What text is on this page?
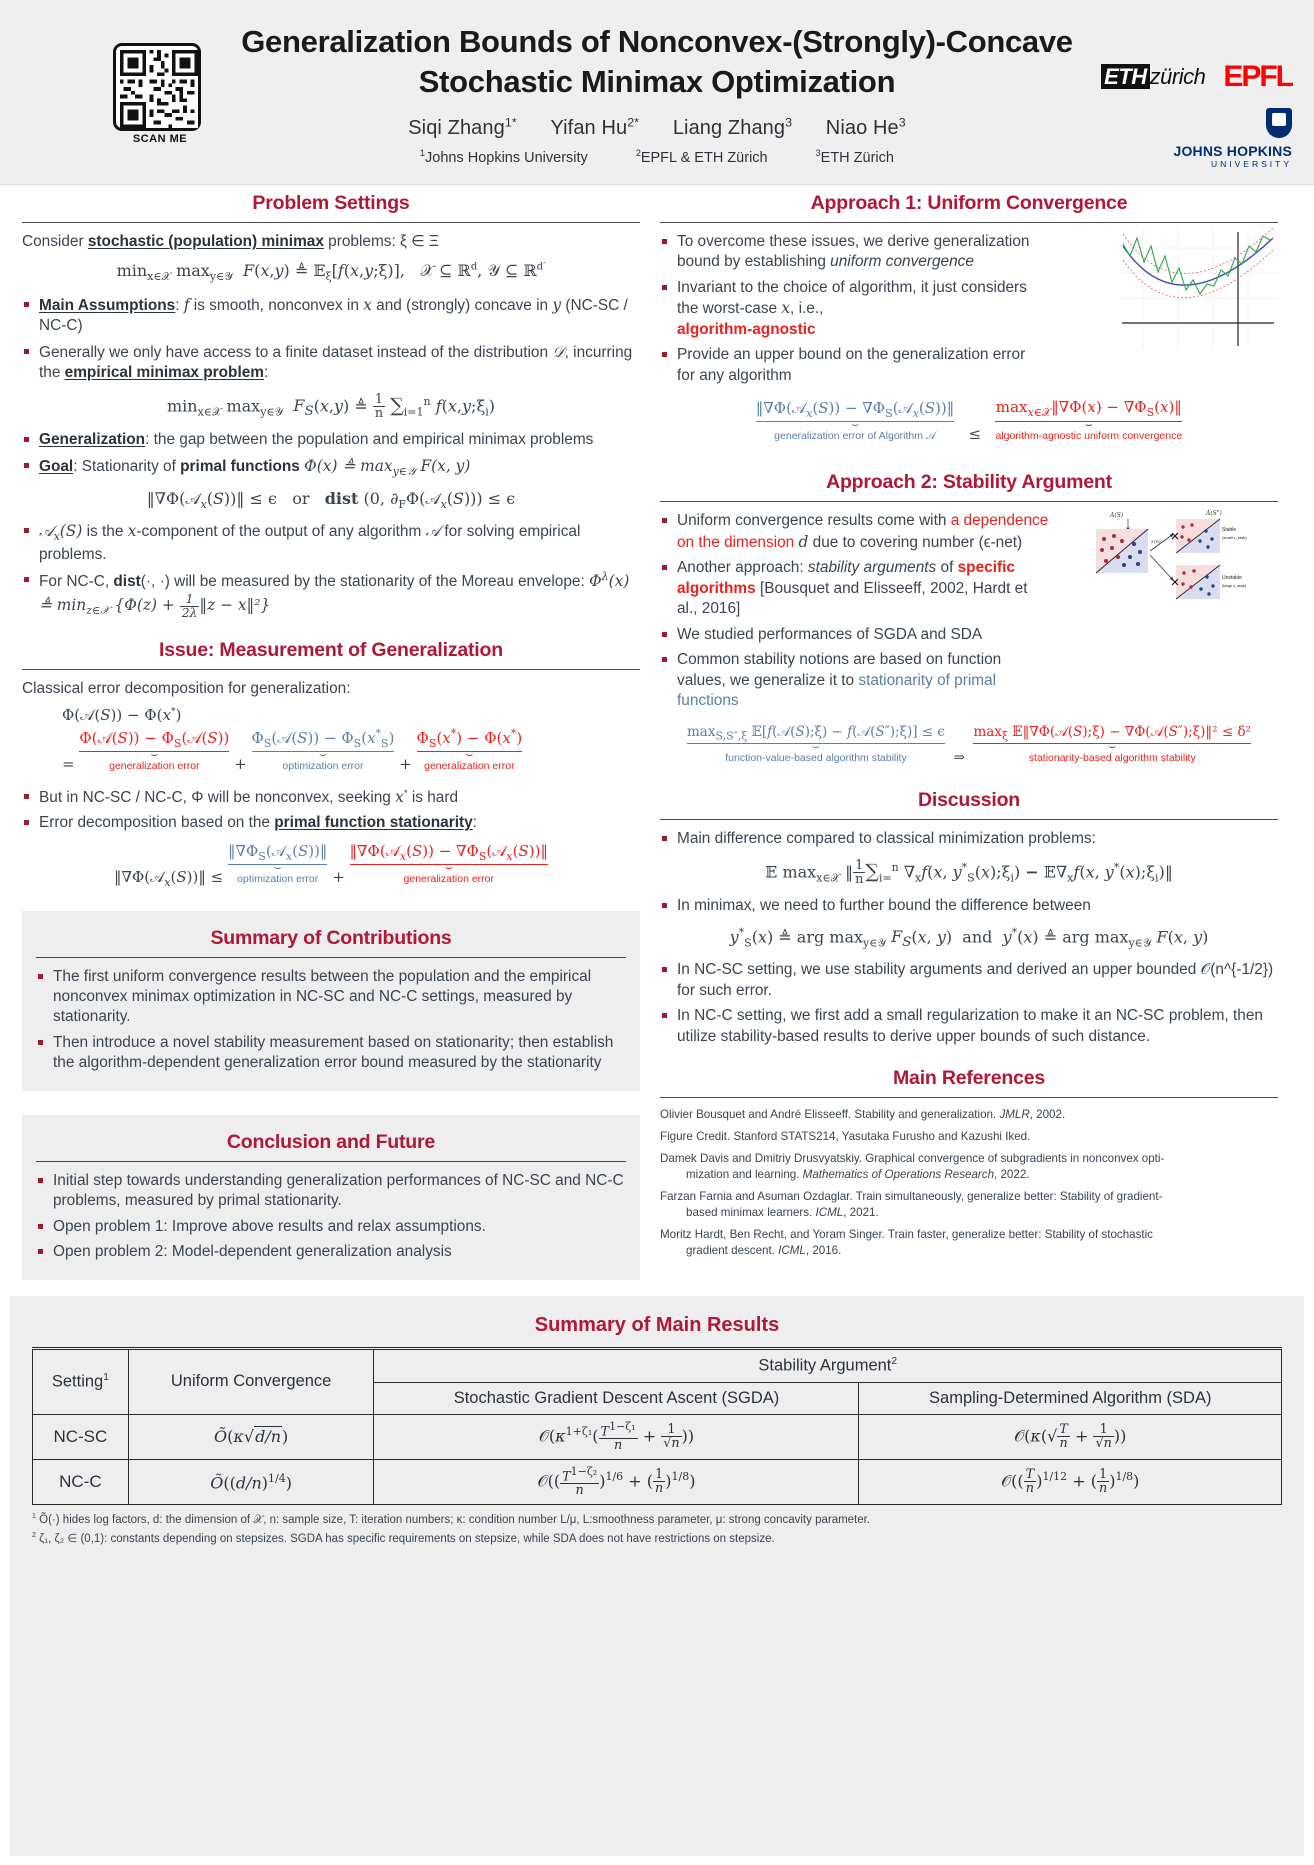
SCAN ME
Generalization Bounds of Nonconvex-(Strongly)-Concave
Stochastic Minimax Optimization
Siqi Zhang$^{1*}$ Yifan $Hu^{2*}$ Liang Zhang$^3$ Niao He$^3$
$^1$Johns Hopkins University	$^2$EPFL & ETH Zürich	$^3$ETH Zürich
ETH zürich EPFL
JOHNS HOPKINS
UNIVERSITY
Problem Settings

Consider stochastic (population) minimax problems: ξ ∈ Ξ

$\min_{x\in 𝒳} \max_{y\in 𝒴} F(x,y)$ ≜ 𝔼$_\xi$[f(x,y;ξ)],   𝒳 ⊆ ℝ$^d$, 𝒴 ⊆ ℝ$^{d'}$
Main Assumptions: f is smooth, nonconvex in x and (strongly) concave in y (NC-SC / NC-C)
Generally we only have access to a finite dataset instead of the distribution 𝒟, incurring the empirical minimax problem:
$\min_{x\in 𝒳} \max_{y\in 𝒴} F_S(x,y)$ ≜ $\frac{1}{n} \sum_{i=1}^n$ $f(x,y;\xi_i)$
Generalization: the gap between the population and empirical minimax problems
Goal: Stationarity of primal functions Φ(x) ≜ $\max_{y\in 𝒴} F(x$, y)
‖∇Φ(𝒜$_x$(S))‖ ≤ ϵ   or   dist (0, $\partial_F\Phi(𝒜_x(S))) \le \epsilon$
𝒜$_x$(S) is the x-component of the output of any algorithm 𝒜 for solving empirical problems.
For NC-C, dist(·, ·) will be measured by the stationarity of the Moreau envelope: $\Phi^\lambda(x)$ ≜ $\min_{z\in 𝒳} \{\Phi(z) + \frac{1}{2\lambda}$ ‖z − x‖²}
Issue: Measurement of Generalization

Classical error decomposition for generalization:

Φ(𝒜(S)) − Φ(x*)
=
Φ(𝒜(S)) − $\Phi_S(𝒜(S))$
⌣
generalization error	+
$\Phi_S(𝒜(S)) - \Phi_S(x^*_S)$
⌣
optimization error	+
$\Phi_S(x^*) - \Phi(x^*)$
⌣
generalization error
But in NC-SC / NC-C, Φ will be nonconvex, seeking x* is hard
Error decomposition based on the primal function stationarity:
‖∇Φ(𝒜$_x$(S))‖ ≤
$‖\nabla\Phi_S(𝒜_x(S))‖$
⌣
optimization error +
‖∇Φ(𝒜$_x$(S)) − $\nabla\Phi_S(𝒜_x(S))‖$
⌣
generalization error
Summary of Contributions
The first uniform convergence results between the population and the empirical nonconvex minimax optimization in NC-SC and NC-C settings, measured by stationarity.
Then introduce a novel stability measurement based on stationarity; then establish the algorithm-dependent generalization error bound measured by the stationarity
Conclusion and Future
Initial step towards understanding generalization performances of NC-SC and NC-C problems, measured by primal stationarity.
Open problem 1: Improve above results and relax assumptions.
Open problem 2: Model-dependent generalization analysis
Approach 1: Uniform Convergence
To overcome these issues, we derive generalization bound by establishing uniform convergence
Invariant to the choice of algorithm, it just considers the worst-case x, i.e.,
algorithm-agnostic
Provide an upper bound on the generalization error for any algorithm
‖∇Φ(𝒜$_x$(S)) − $\nabla\Phi_S(𝒜_x(S))‖$
⌣
generalization error of Algorithm 𝒜	≤
$\max_{x\in 𝒳}‖\nabla\Phi(x)$ − $\nabla\Phi_S(x)‖$
⌣
algorithm-agnostic uniform convergence
Approach 2: Stability Argument
A(S)
z(n)
A(S")
Stable
(small ε_stab)
Unstable
(large ε_stab)
Uniform convergence results come with a dependence on the dimension d due to covering number (ϵ-net)
Another approach: stability arguments of specific algorithms [Bousquet and Elisseeff, 2002, Hardt et al., 2016]
We studied performances of SGDA and SDA
Common stability notions are based on function values, we generalize it to stationarity of primal functions
$\max_{S,S'',\xi}$ 𝔼[f(𝒜(S);ξ) − f(𝒜(S″);ξ)] ≤ ϵ
⌣
function-value-based algorithm stability	⇒
$\max_\xi$ 𝔼‖∇Φ(𝒜(S);ξ) − ∇Φ(𝒜(S″);ξ)‖² ≤ δ²
⌣
stationarity-based algorithm stability
Discussion
Main difference compared to classical minimization problems:
𝔼 $\max_{x\in 𝒳}$ ‖ $\frac{1}{n} \sum_{i=}^n$ $\nabla_xf(x$, $y^*_S(x);\xi_i$) − $𝔼\nabla_xf(x$, $y^*(x);\xi_i)‖$
In minimax, we need to further bound the difference between
$y^*_S(x)$ ≜ arg $\max_{y\in 𝒴} F_S(x$, y)  and  y*(x) ≜ arg $\max_{y\in 𝒴} F(x$, y)
In NC-SC setting, we use stability arguments and derived an upper bounded 𝒪(n^{-1/2}) for such error.
In NC-C setting, we first add a small regularization to make it an NC-SC problem, then utilize stability-based results to derive upper bounds of such distance.
Main References
Olivier Bousquet and André Elisseeff. Stability and generalization. JMLR, 2002.
Figure Credit. Stanford STATS214, Yasutaka Furusho and Kazushi Iked.
Damek Davis and Dmitriy Drusvyatskiy. Graphical convergence of subgradients in nonconvex opti-
mization and learning. Mathematics of Operations Research, 2022.
Farzan Farnia and Asuman Ozdaglar. Train simultaneously, generalize better: Stability of gradient-
based minimax learners. ICML, 2021.
Moritz Hardt, Ben Recht, and Yoram Singer. Train faster, generalize better: Stability of stochastic
gradient descent. ICML, 2016.
Summary of Main Results
Setting$^1$	Uniform Convergence	Stability Argument$^2$
		Stochastic Gradient Descent Ascent (SGDA)	Sampling-Determined Algorithm (SDA)
NC-SC	Õ(κ√d/n)	$𝒪(\kappa^{1+\zeta_1}( \frac{T^{1-\zeta_1}}{n} + \frac{1}{√n}$ ))	𝒪(κ(√ $\frac{T}{n} + \frac{1}{√n}$ ))
NC-C	$Õ((d/n)^{1/4})$	𝒪(( $\frac{T^{1-\zeta_2}}{n} )^{1/6}$ + ( $\frac{1}{n} )^{1/8}$)	𝒪(( $\frac{T}{n} )^{1/12}$ + ( $\frac{1}{n} )^{1/8}$)
$^1$ Õ(·) hides log factors, d: the dimension of 𝒳, n: sample size, T: iteration numbers; κ: condition number L/μ, L:smoothness parameter, μ: strong concavity parameter.
$^2$ ζ₁, ζ₂ ∈ (0,1): constants depending on stepsizes. SGDA has specific requirements on stepsize, while SDA does not have restrictions on stepsize.
